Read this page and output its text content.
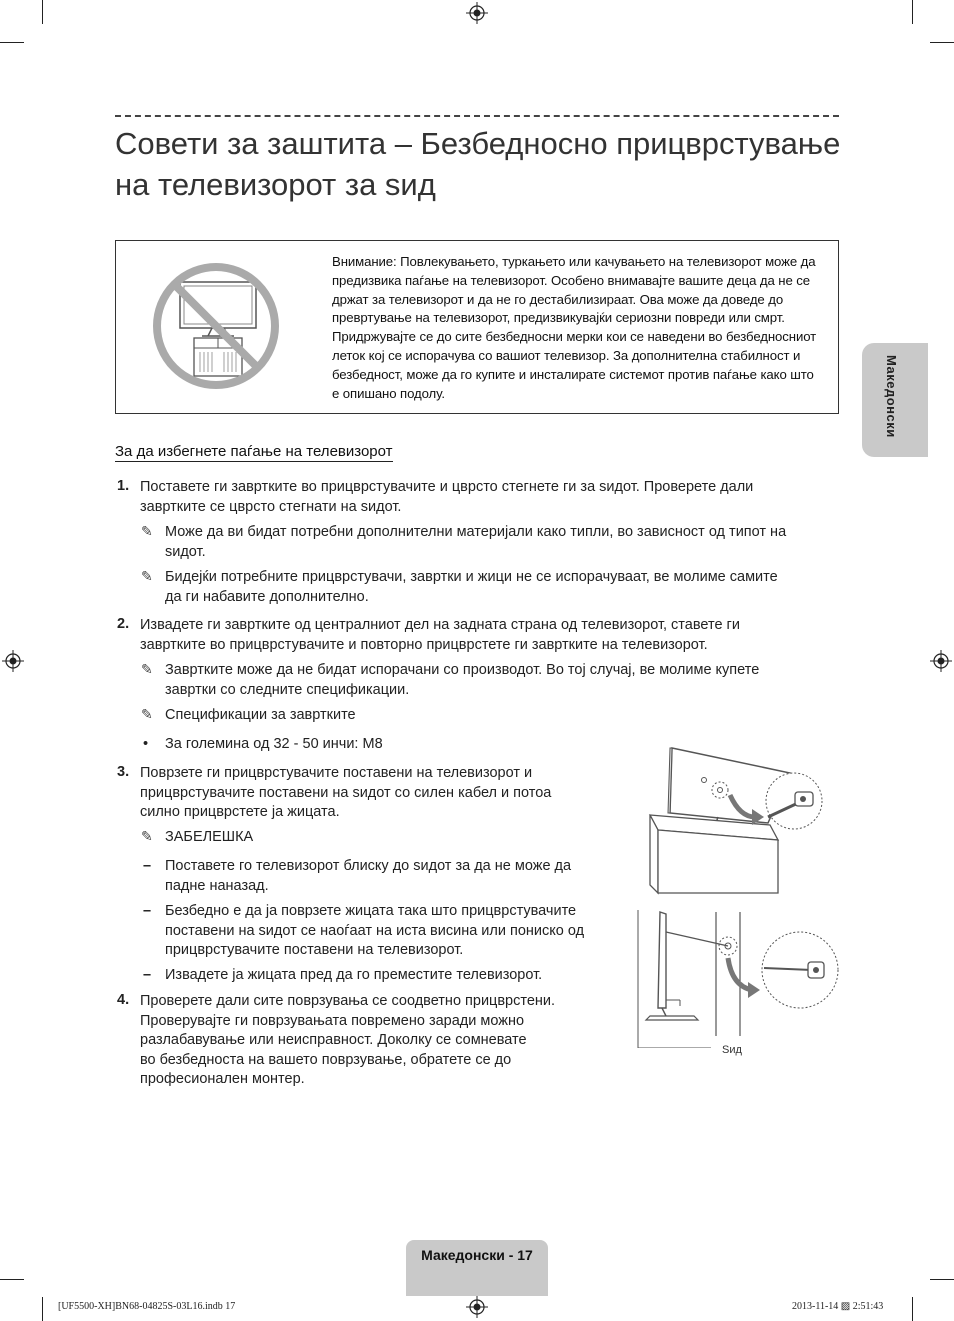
Совети за заштита – Безбедносно прицврстување
на телевизорот за ѕид
Македонски
Внимание: Повлекувањето, туркањето или качувањето на телевизорот може да предизвика паѓање на телевизорот. Особено внимавајте вашите деца да не се држат за телевизорот и да не го дестабилизираат. Ова може да доведе до превртување на телевизорот, предизвикувајќи сериозни повреди или смрт. Придржувајте се до сите безбедносни мерки кои се наведени во безбедносниот леток кој се испорачува со вашиот телевизор. За дополнителна стабилност и безбедност, може да го купите и инсталирате системот против паѓање како што е опишано подолу.
За да избегнете паѓање на телевизорот
1. Поставете ги завртките во прицврстувачите и цврсто стегнете ги за ѕидот. Проверете дали
завртките се цврсто стегнати на ѕидот.
✎ Може да ви бидат потребни дополнителни материјали како типли, во зависност од типот на
ѕидот.
✎ Бидејќи потребните прицврстувачи, завртки и жици не се испорачуваат, ве молиме самите
да ги набавите дополнително.
2. Извадете ги завртките од централниот дел на задната страна од телевизорот, ставете ги
завртките во прицврстувачите и повторно прицврстете ги завртките на телевизорот.
✎ Завртките може да не бидат испорачани со производот. Во тој случај, ве молиме купете
завртки со следните спецификации.
✎ Спецификации за завртките
• За големина од 32 - 50 инчи: M8
3. Поврзете ги прицврстувачите поставени на телевизорот и
прицврстувачите поставени на ѕидот со силен кабел и потоа
силно прицврстете ја жицата.
✎ ЗАБЕЛЕШКА
– Поставете го телевизорот блиску до ѕидот за да не може да
падне наназад.
– Безбедно е да ја поврзете жицата така што прицврстувачите
поставени на ѕидот се наоѓаат на иста висина или пониско од
прицврстувачите поставени на телевизорот.
– Извадете ја жицата пред да го преместите телевизорот.
4. Проверете дали сите поврзувања се соодветно прицврстени.
Проверувајте ги поврзувањата повремено заради можно
разлабавување или неисправност. Доколку се сомневате
во безбедноста на вашето поврзување, обратете се до
професионален монтер.
Ѕид
Македонски - 17
[UF5500-XH]BN68-04825S-03L16.indb 17	2013-11-14 ▨ 2:51:43
